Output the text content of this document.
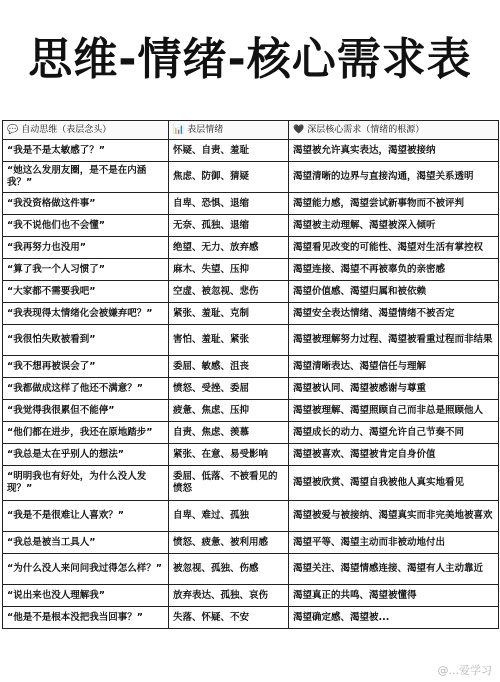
思维-情绪-核心需求表
💬 自动思维（表层念头）	📊 表层情绪	🖤 深层核心需求（情绪的根源）
“我是不是太敏感了？”	怀疑、自责、羞耻	渴望被允许真实表达，渴望被接纳
“她这么发朋友圈，是不是在内涵我？”	焦虑、防御、猜疑	渴望清晰的边界与直接沟通，渴望关系透明
“我没资格做这件事”	自卑、恐惧、退缩	渴望能力感，渴望尝试新事物而不被评判
“我不说他们也不会懂”	无奈、孤独、退缩	渴望被主动理解、渴望被深入倾听
“我再努力也没用”	绝望、无力、放弃感	渴望看见改变的可能性、渴望对生活有掌控权
“算了我一个人习惯了”	麻木、失望、压抑	渴望连接、渴望不再被辜负的亲密感
“大家都不需要我吧”	空虚、被忽视、悲伤	渴望价值感、渴望归属和被依赖
“我表现得太情绪化会被嫌弃吧？”	紧张、羞耻、克制	渴望安全表达情绪、渴望情绪不被否定
“我很怕失败被看到”	害怕、羞耻、紧张	渴望被理解努力过程、渴望被看重过程而非结果
“我不想再被误会了”	委屈、敏感、沮丧	渴望清晰表达、渴望信任与理解
“我都做成这样了他还不满意？”	愤怒、受挫、委屈	渴望被认同、渴望被感谢与尊重
“我觉得我很累但不能停”	疲惫、焦虑、压抑	渴望被理解、渴望照顾自己而非总是照顾他人
“他们都在进步，我还在原地踏步”	自责、焦虑、羡慕	渴望成长的动力、渴望允许自己节奏不同
“我总是太在乎别人的想法”	紧张、在意、易受影响	渴望被喜欢、渴望被肯定自身价值
“明明我也有好处，为什么没人发现？”	委屈、低落、不被看见的愤怒	渴望被欣赏、渴望自我被他人真实地看见
“我是不是很难让人喜欢？”	自卑、难过、孤独	渴望被爱与被接纳、渴望真实而非完美地被喜欢
“我总是被当工具人”	愤怒、疲惫、被利用感	渴望平等、渴望主动而非被动地付出
“为什么没人来问问我过得怎么样？”	被忽视、孤独、伤感	渴望关注、渴望情感连接、渴望有人主动靠近
“说出来也没人理解我”	放弃表达、孤独、哀伤	渴望真正的共鸣、渴望被懂得
“他是不是根本没把我当回事？”	失落、怀疑、不安	渴望确定感、渴望被...
@...爱学习
